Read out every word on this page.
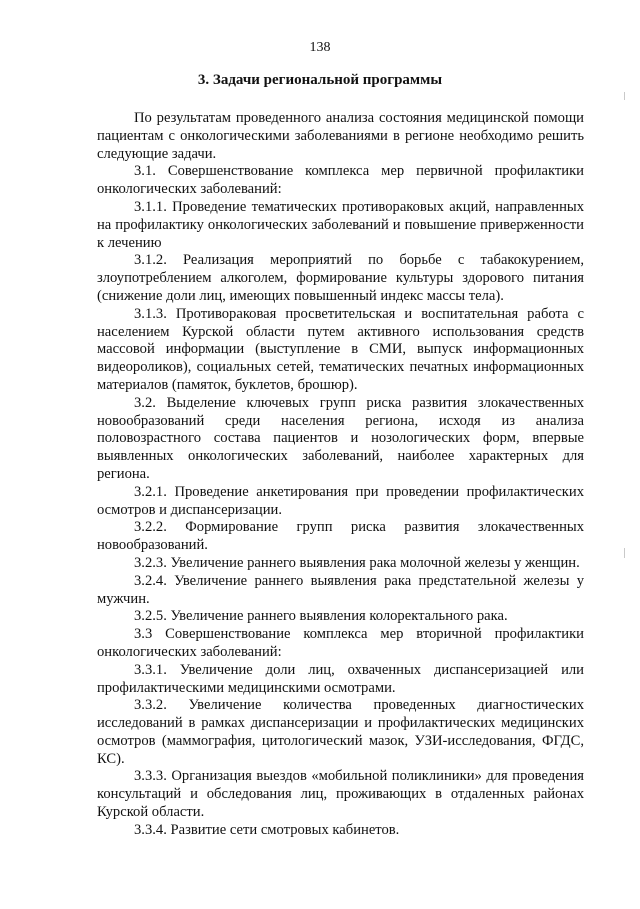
138
3. Задачи региональной программы

По результатам проведенного анализа состояния медицинской помощи пациентам с онкологическими заболеваниями в регионе необходимо решить следующие задачи.

3.1. Совершенствование комплекса мер первичной профилактики онкологических заболеваний:

3.1.1. Проведение тематических противораковых акций, направленных на профилактику онкологических заболеваний и повышение приверженности к лечению

3.1.2. Реализация мероприятий по борьбе с табакокурением, злоупотреблением алкоголем, формирование культуры здорового питания (снижение доли лиц, имеющих повышенный индекс массы тела).

3.1.3. Противораковая просветительская и воспитательная работа с населением Курской области путем активного использования средств массовой информации (выступление в СМИ, выпуск информационных видеороликов), социальных сетей, тематических печатных информационных материалов (памяток, буклетов, брошюр).

3.2. Выделение ключевых групп риска развития злокачественных новообразований среди населения региона, исходя из анализа половозрастного состава пациентов и нозологических форм, впервые выявленных онкологических заболеваний, наиболее характерных для региона.

3.2.1. Проведение анкетирования при проведении профилактических осмотров и диспансеризации.

3.2.2. Формирование групп риска развития злокачественных новообразований.

3.2.3. Увеличение раннего выявления рака молочной железы у женщин.

3.2.4. Увеличение раннего выявления рака предстательной железы у мужчин.

3.2.5. Увеличение раннего выявления колоректального рака.

3.3 Совершенствование комплекса мер вторичной профилактики онкологических заболеваний:

3.3.1. Увеличение доли лиц, охваченных диспансеризацией или профилактическими медицинскими осмотрами.

3.3.2. Увеличение количества проведенных диагностических исследований в рамках диспансеризации и профилактических медицинских осмотров (маммография, цитологический мазок, УЗИ-исследования, ФГДС, КС).

3.3.3. Организация выездов «мобильной поликлиники» для проведения консультаций и обследования лиц, проживающих в отдаленных районах Курской области.

3.3.4. Развитие сети смотровых кабинетов.
